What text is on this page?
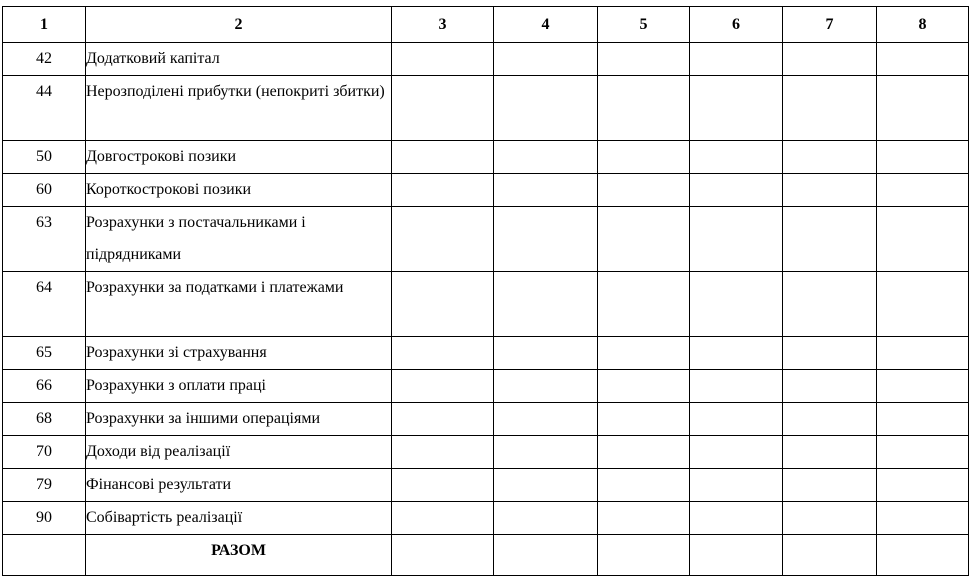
1	2	3	4	5	6	7	8
42	Додатковий капітал						
44	Нерозподілені прибутки (непокриті збитки)						
50	Довгострокові позики						
60	Короткострокові позики						
63	Розрахунки з постачальниками і підрядниками						
64	Розрахунки за податками і платежами						
65	Розрахунки зі страхування						
66	Розрахунки з оплати праці						
68	Розрахунки за іншими операціями						
70	Доходи від реалізації						
79	Фінансові результати						
90	Собівартість реалізації						
	РАЗОМ						
